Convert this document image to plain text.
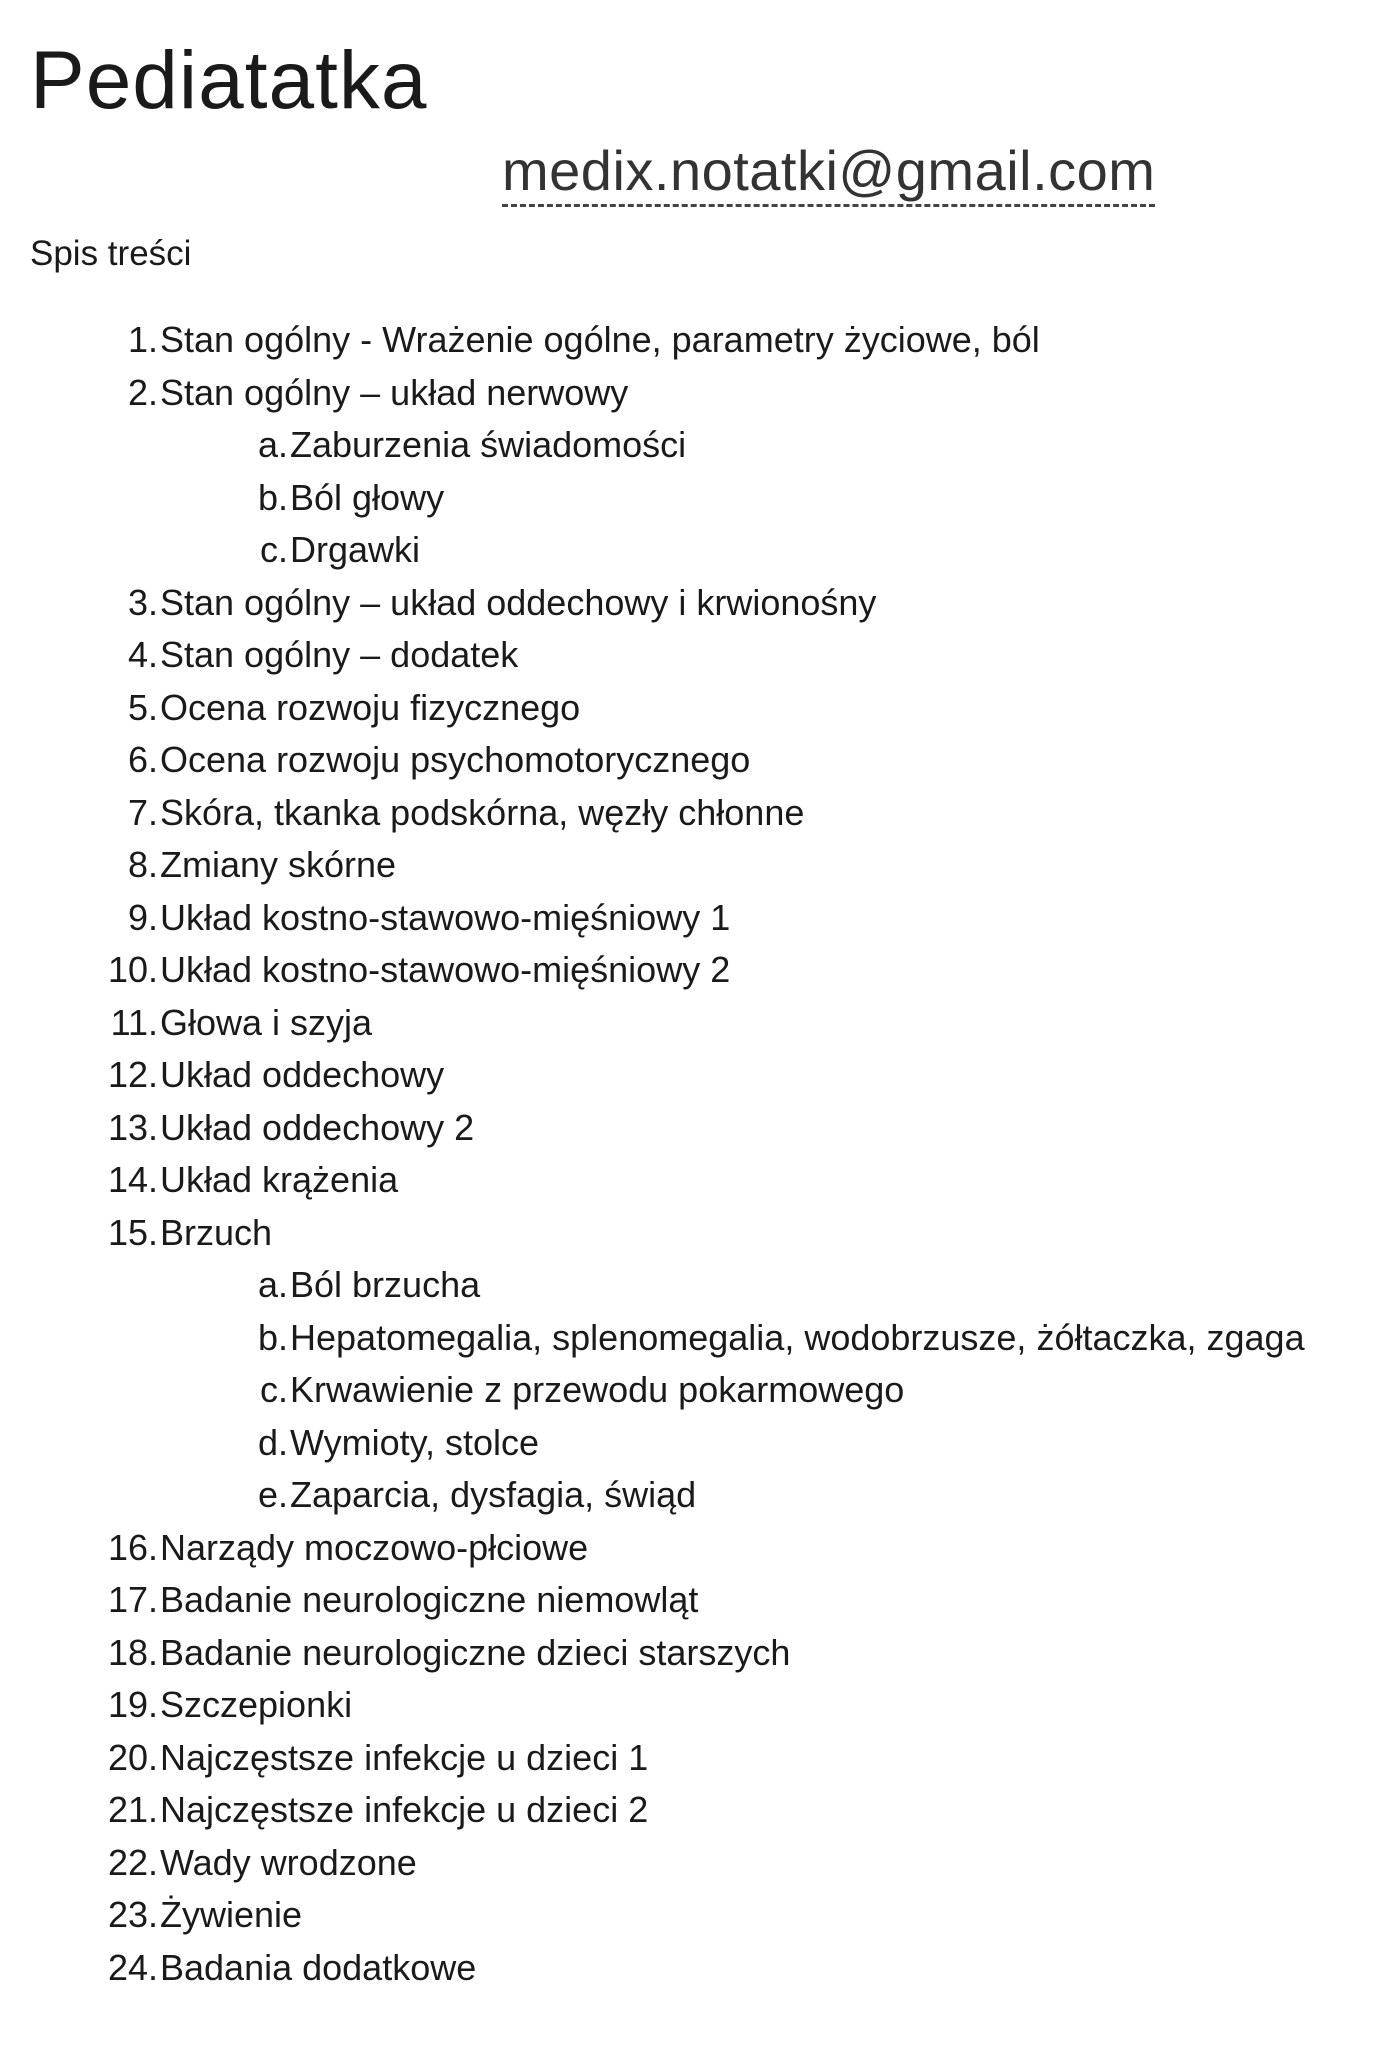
Pediatatka
medix.notatki@gmail.com
Spis treści
1. Stan ogólny - Wrażenie ogólne, parametry życiowe, ból
2. Stan ogólny – układ nerwowy
a. Zaburzenia świadomości
b. Ból głowy
c. Drgawki
3. Stan ogólny – układ oddechowy i krwionośny
4. Stan ogólny – dodatek
5. Ocena rozwoju fizycznego
6. Ocena rozwoju psychomotorycznego
7. Skóra, tkanka podskórna, węzły chłonne
8. Zmiany skórne
9. Układ kostno-stawowo-mięśniowy 1
10. Układ kostno-stawowo-mięśniowy 2
11. Głowa i szyja
12. Układ oddechowy
13. Układ oddechowy 2
14. Układ krążenia
15. Brzuch
a. Ból brzucha
b. Hepatomegalia, splenomegalia, wodobrzusze, żółtaczka, zgaga
c. Krwawienie z przewodu pokarmowego
d. Wymioty, stolce
e. Zaparcia, dysfagia, świąd
16. Narządy moczowo-płciowe
17. Badanie neurologiczne niemowląt
18. Badanie neurologiczne dzieci starszych
19. Szczepionki
20. Najczęstsze infekcje u dzieci 1
21. Najczęstsze infekcje u dzieci 2
22. Wady wrodzone
23. Żywienie
24. Badania dodatkowe
